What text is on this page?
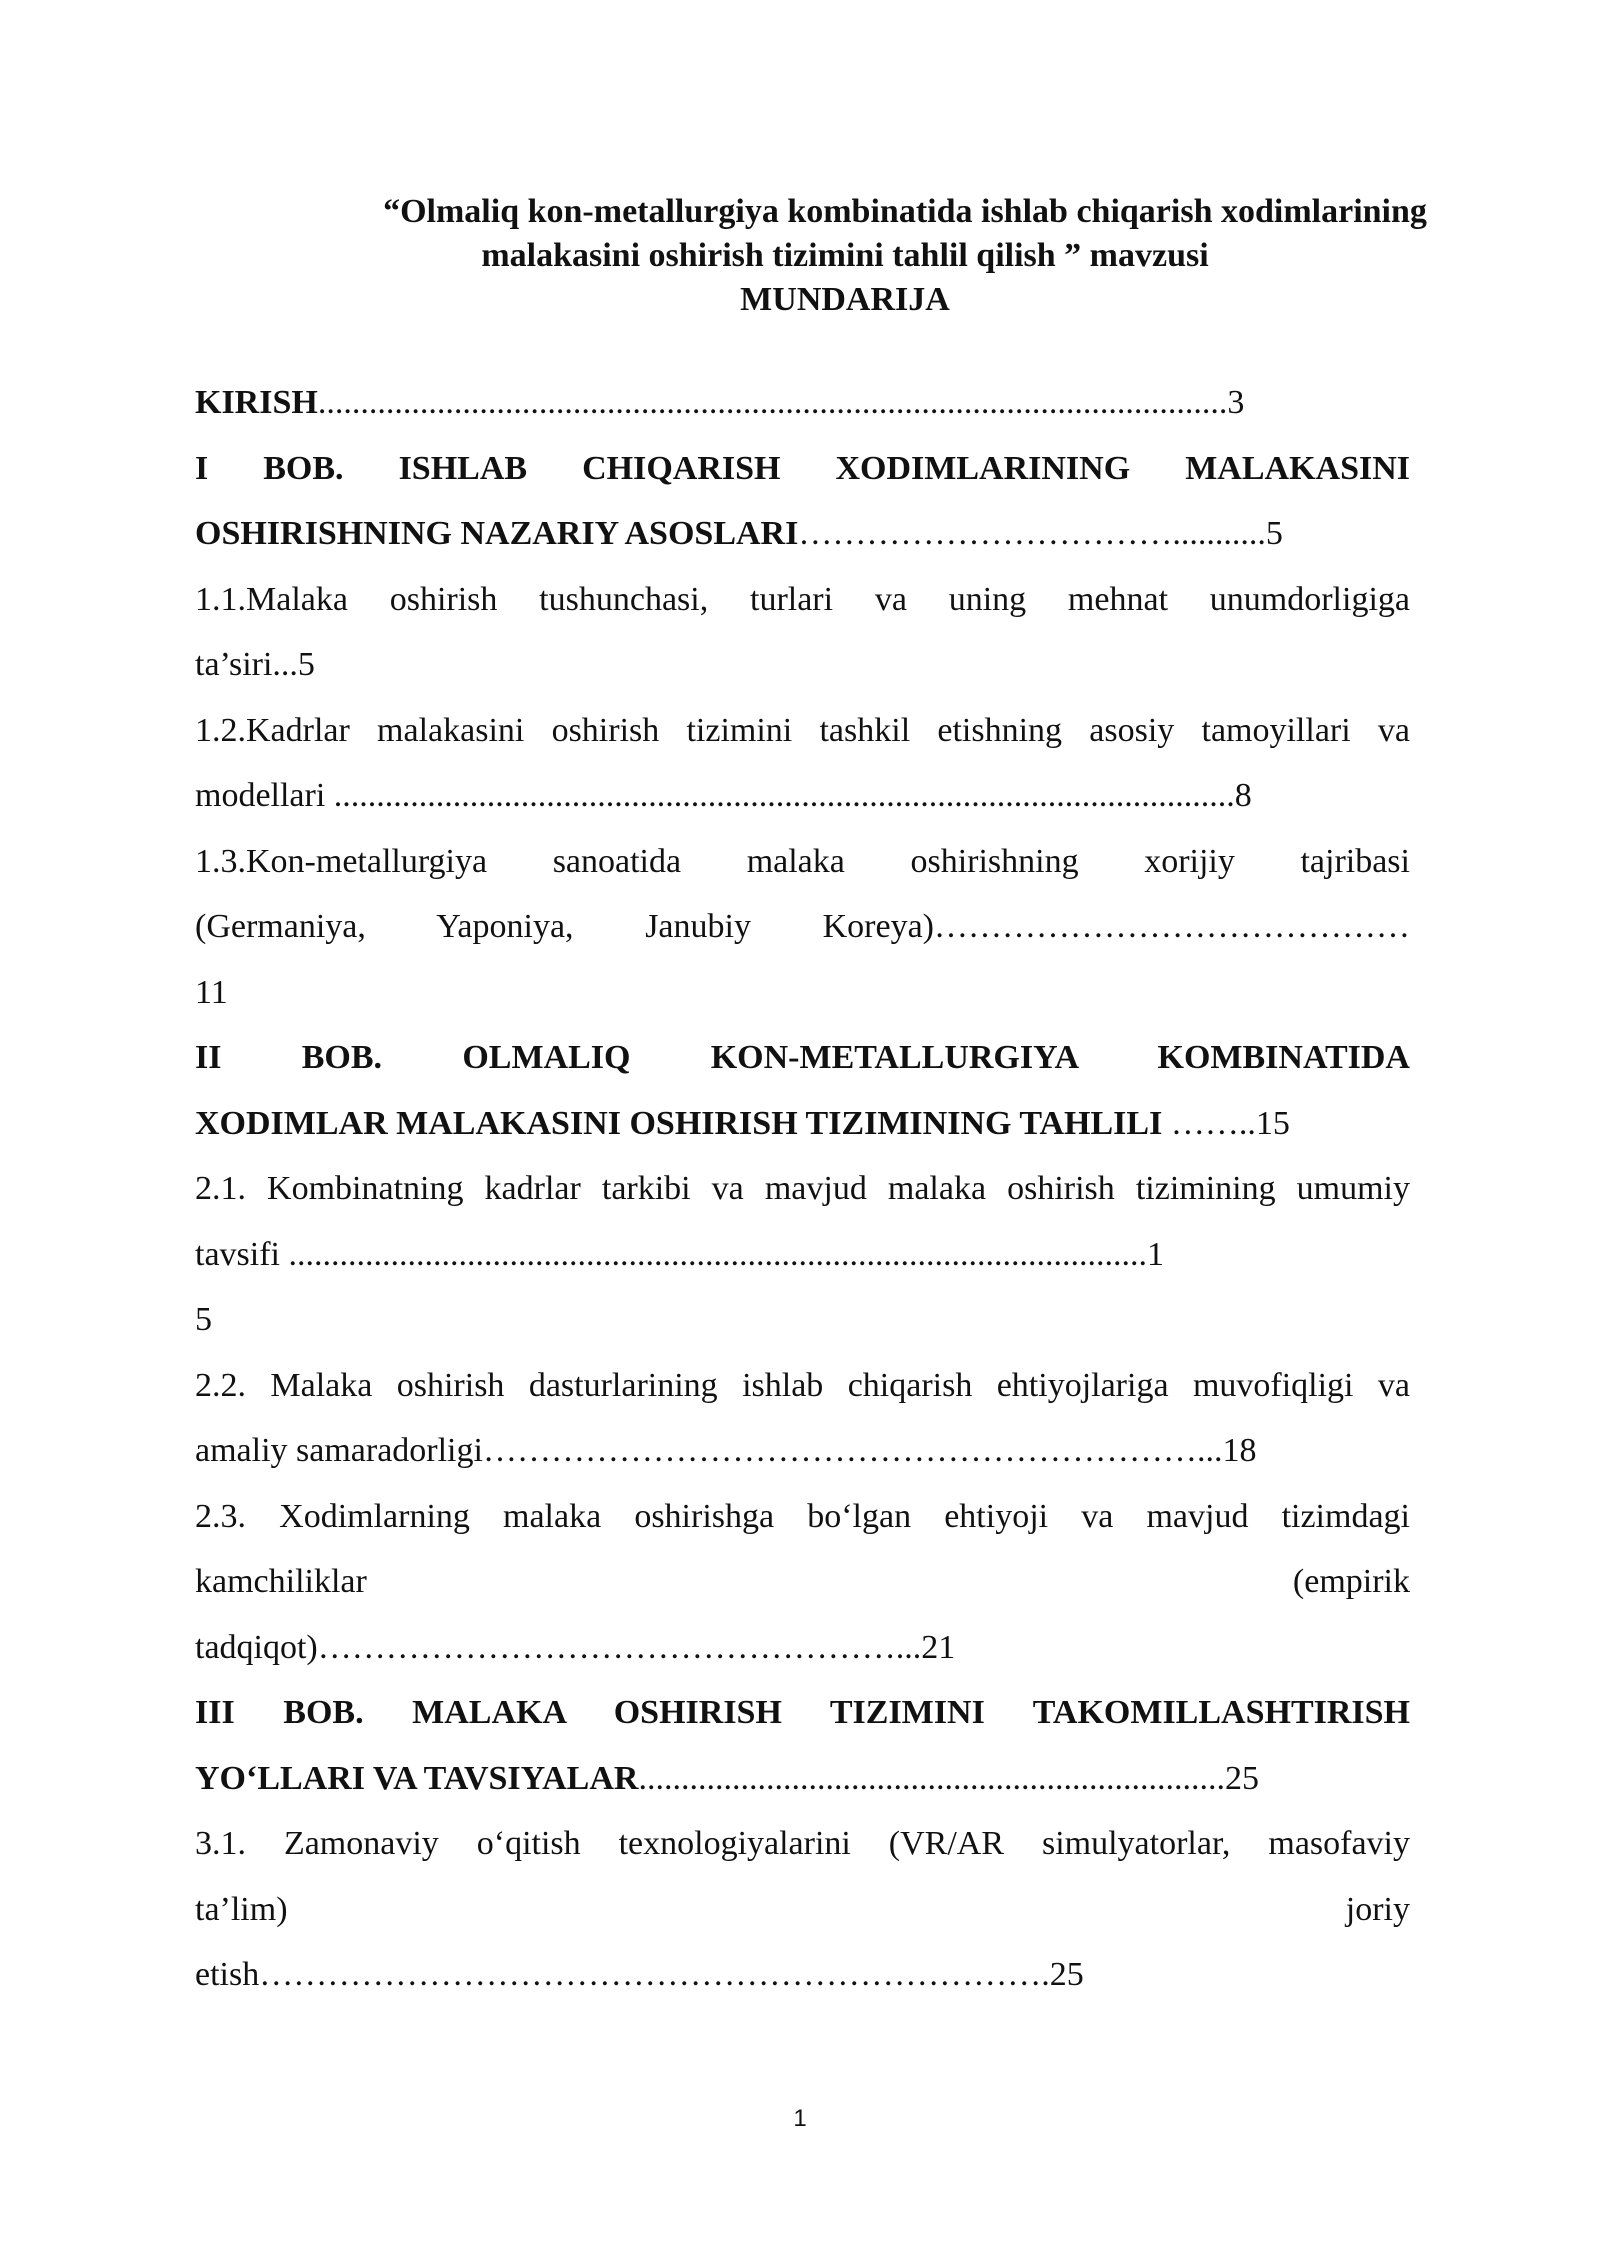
“Olmaliq kon-metallurgiya kombinatida ishlab chiqarish xodimlarining
malakasini oshirish tizimini tahlil qilish ” mavzusi
MUNDARIJA
KIRISH...........................................................................................................3
I BOB. ISHLAB CHIQARISH XODIMLARINING MALAKASINI
OSHIRISHNING NAZARIY ASOSLARI……………………………...........5
1.1.Malaka oshirish tushunchasi, turlari va uning mehnat unumdorligiga
ta’siri...5
1.2.Kadrlar malakasini oshirish tizimini tashkil etishning asosiy tamoyillari va
modellari ..........................................................................................................8
1.3.Kon-metallurgiya sanoatida malaka oshirishning xorijiy tajribasi
(Germaniya, Yaponiya, Janubiy Koreya)……………………………………
11
II BOB. OLMALIQ KON-METALLURGIYA KOMBINATIDA
XODIMLAR MALAKASINI OSHIRISH TIZIMINING TAHLILI ……..15
2.1. Kombinatning kadrlar tarkibi va mavjud malaka oshirish tizimining umumiy
tavsifi .....................................................................................................1
5
2.2. Malaka oshirish dasturlarining ishlab chiqarish ehtiyojlariga muvofiqligi va
amaliy samaradorligi………………………………………………………...18
2.3. Xodimlarning malaka oshirishga bo‘lgan ehtiyoji va mavjud tizimdagi
kamchiliklar	(empirik
tadqiqot)……………………………………………...21
III BOB. MALAKA OSHIRISH TIZIMINI TAKOMILLASHTIRISH
YO‘LLARI VA TAVSIYALAR.....................................................................25
3.1. Zamonaviy o‘qitish texnologiyalarini (VR/AR simulyatorlar, masofaviy
ta’lim)	joriy
etish…………………………………………………………….25
1
